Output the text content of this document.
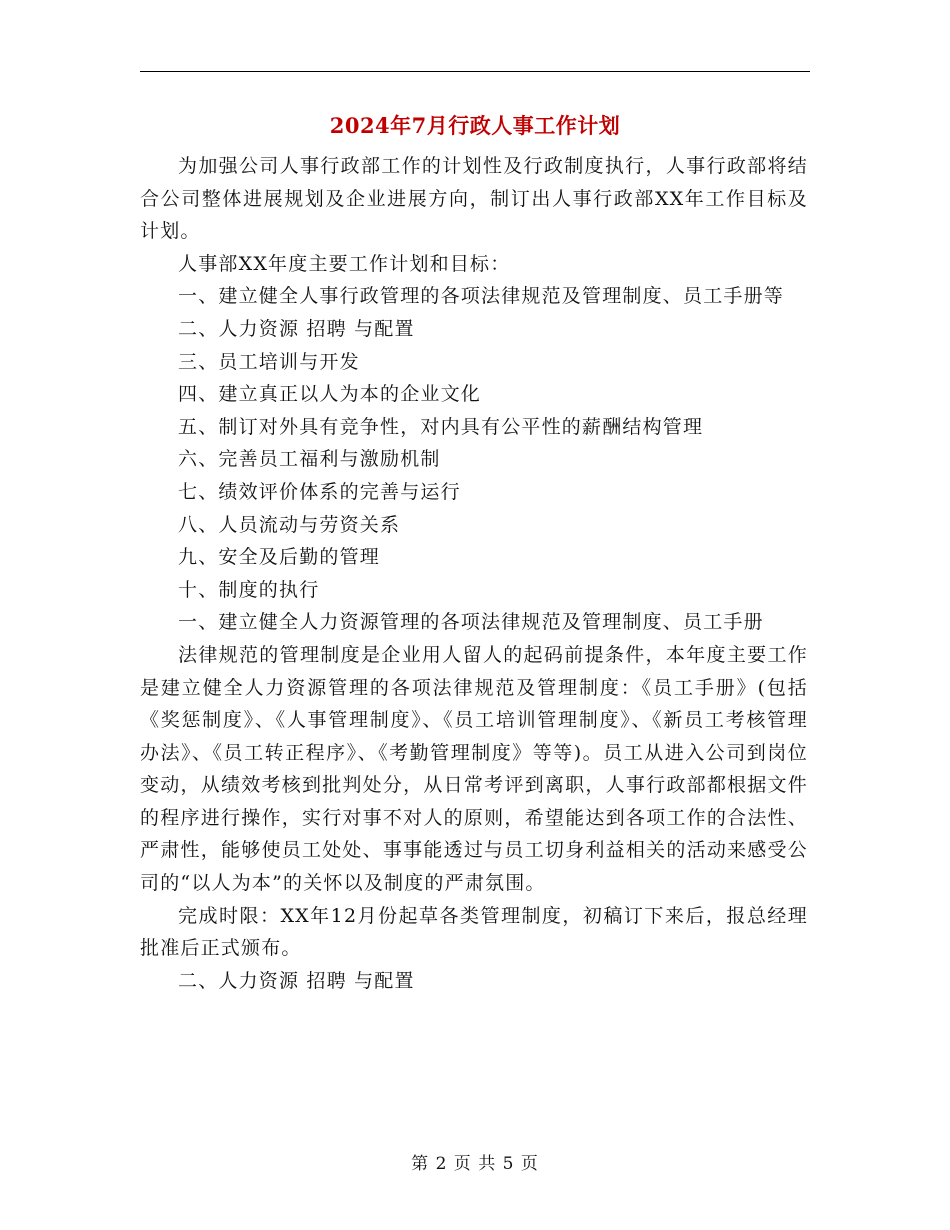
2024年7月行政人事工作计划

为加强公司人事行政部工作的计划性及行政制度执行，人事行政部将结合公司整体进展规划及企业进展方向，制订出人事行政部XX年工作目标及计划。

人事部XX年度主要工作计划和目标：

一、建立健全人事行政管理的各项法律规范及管理制度、员工手册等

二、人力资源 招聘 与配置

三、员工培训与开发

四、建立真正以人为本的企业文化

五、制订对外具有竞争性，对内具有公平性的薪酬结构管理

六、完善员工福利与激励机制

七、绩效评价体系的完善与运行

八、人员流动与劳资关系

九、安全及后勤的管理

十、制度的执行

一、建立健全人力资源管理的各项法律规范及管理制度、员工手册

法律规范的管理制度是企业用人留人的起码前提条件，本年度主要工作是建立健全人力资源管理的各项法律规范及管理制度：《员工手册》(包括《奖惩制度》、《人事管理制度》、《员工培训管理制度》、《新员工考核管理办法》、《员工转正程序》、《考勤管理制度》等等)。员工从进入公司到岗位变动，从绩效考核到批判处分，从日常考评到离职，人事行政部都根据文件的程序进行操作，实行对事不对人的原则，希望能达到各项工作的合法性、严肃性，能够使员工处处、事事能透过与员工切身利益相关的活动来感受公司的“以人为本”的关怀以及制度的严肃氛围。

完成时限：XX年12月份起草各类管理制度，初稿订下来后，报总经理批准后正式颁布。

二、人力资源 招聘 与配置

第 2 页 共 5 页
